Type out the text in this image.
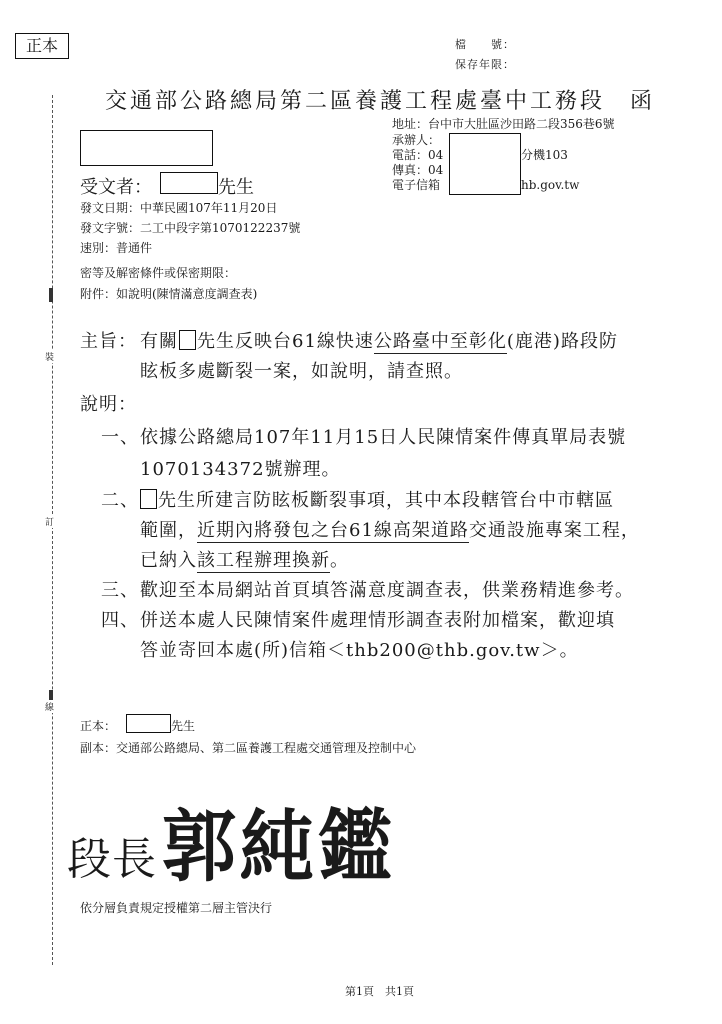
裝
訂
線
正本	檔　　號：
保存年限：
交通部公路總局第二區養護工程處臺中工務段　函
地址：台中市大肚區沙田路二段356巷6號
承辦人：
電話：04	分機103
傳真：04
電子信箱	hb.gov.tw
受文者：	先生
發文日期：中華民國107年11月20日
發文字號：二工中段字第1070122237號
速別：普通件
密等及解密條件或保密期限：
附件：如說明(陳情滿意度調查表)
主旨： 有關 先生反映台61線快速公路臺中至彰化(鹿港)路段防
眩板多處斷裂一案，如說明，請查照。
說明：
一、 依據公路總局107年11月15日人民陳情案件傳真單局表號
1070134372號辦理。
二、	先生所建言防眩板斷裂事項，其中本段轄管台中市轄區
範圍，近期內將發包之台61線高架道路交通設施專案工程，
已納入該工程辦理換新。
三、 歡迎至本局網站首頁填答滿意度調查表，供業務精進參考。
四、 併送本處人民陳情案件處理情形調查表附加檔案，歡迎填
答並寄回本處(所)信箱＜thb200@thb.gov.tw＞。
正本：	先生
副本：交通部公路總局、第二區養護工程處交通管理及控制中心
段長 郭純鑑
依分層負責規定授權第二層主管決行
第1頁　共1頁
